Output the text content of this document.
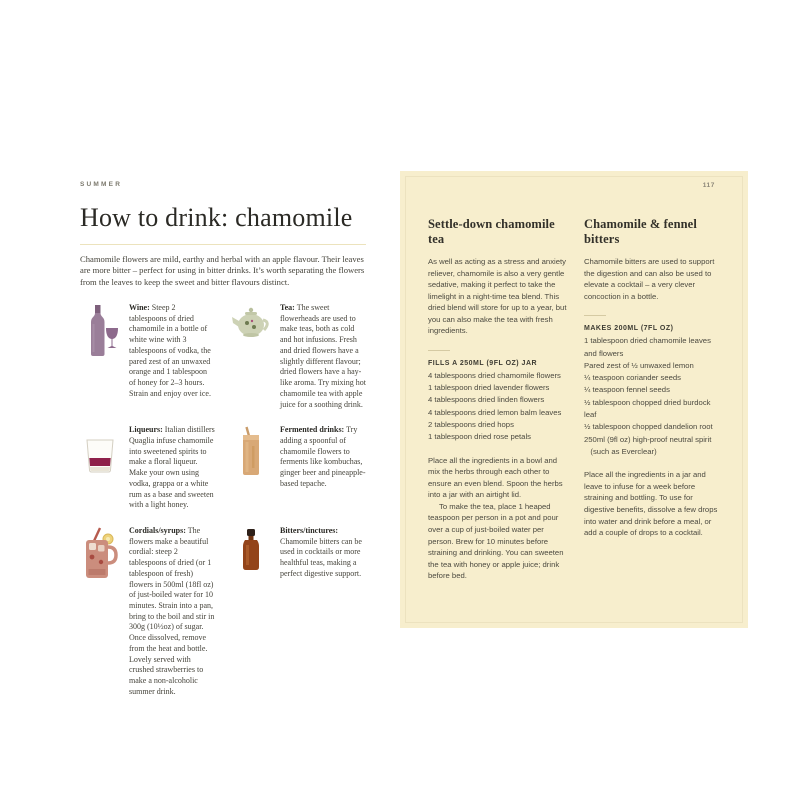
SUMMER
How to drink: chamomile

Chamomile flowers are mild, earthy and herbal with an apple flavour. Their leaves are more bitter – perfect for using in bitter drinks. It’s worth separating the flowers from the leaves to keep the sweet and bitter flavours distinct.

Wine: Steep 2 tablespoons of dried chamomile in a bottle of white wine with 3 tablespoons of vodka, the pared zest of an unwaxed orange and 1 tablespoon of honey for 2–3 hours. Strain and enjoy over ice.

Tea: The sweet flowerheads are used to make teas, both as cold and hot infusions. Fresh and dried flowers have a slightly different flavour; dried flowers have a hay-like aroma. Try mixing hot chamomile tea with apple juice for a soothing drink.

Liqueurs: Italian distillers Quaglia infuse chamomile into sweetened spirits to make a floral liqueur. Make your own using vodka, grappa or a white rum as a base and sweeten with a light honey.

Fermented drinks: Try adding a spoonful of chamomile flowers to ferments like kombuchas, ginger beer and pineapple-based tepache.

Cordials/syrups: The flowers make a beautiful cordial: steep 2 tablespoons of dried (or 1 tablespoon of fresh) flowers in 500ml (18fl oz) of just-boiled water for 10 minutes. Strain into a pan, bring to the boil and stir in 300g (10½oz) of sugar. Once dissolved, remove from the heat and bottle. Lovely served with crushed strawberries to make a non-alcoholic summer drink.

Bitters/tinctures: Chamomile bitters can be used in cocktails or more healthful teas, making a perfect digestive support.

117
Settle-down chamomile tea

As well as acting as a stress and anxiety reliever, chamomile is also a very gentle sedative, making it perfect to take the limelight in a night-time tea blend. This dried blend will store for up to a year, but you can also make the tea with fresh ingredients.

FILLS A 250ML (9FL OZ) JAR

4 tablespoons dried chamomile flowers
1 tablespoon dried lavender flowers
4 tablespoons dried linden flowers
4 tablespoons dried lemon balm leaves
2 tablespoons dried hops
1 tablespoon dried rose petals

Place all the ingredients in a bowl and mix the herbs through each other to ensure an even blend. Spoon the herbs into a jar with an airtight lid.

To make the tea, place 1 heaped teaspoon per person in a pot and pour over a cup of just-boiled water per person. Brew for 10 minutes before straining and drinking. You can sweeten the tea with honey or apple juice; drink before bed.

Chamomile & fennel bitters

Chamomile bitters are used to support the digestion and can also be used to elevate a cocktail – a very clever concoction in a bottle.

MAKES 200ML (7FL OZ)

1 tablespoon dried chamomile leaves and flowers
Pared zest of ½ unwaxed lemon
¼ teaspoon coriander seeds
¼ teaspoon fennel seeds
½ tablespoon chopped dried burdock leaf
½ tablespoon chopped dandelion root
250ml (9fl oz) high-proof neutral spirit
(such as Everclear)

Place all the ingredients in a jar and leave to infuse for a week before straining and bottling. To use for digestive benefits, dissolve a few drops into water and drink before a meal, or add a couple of drops to a cocktail.
